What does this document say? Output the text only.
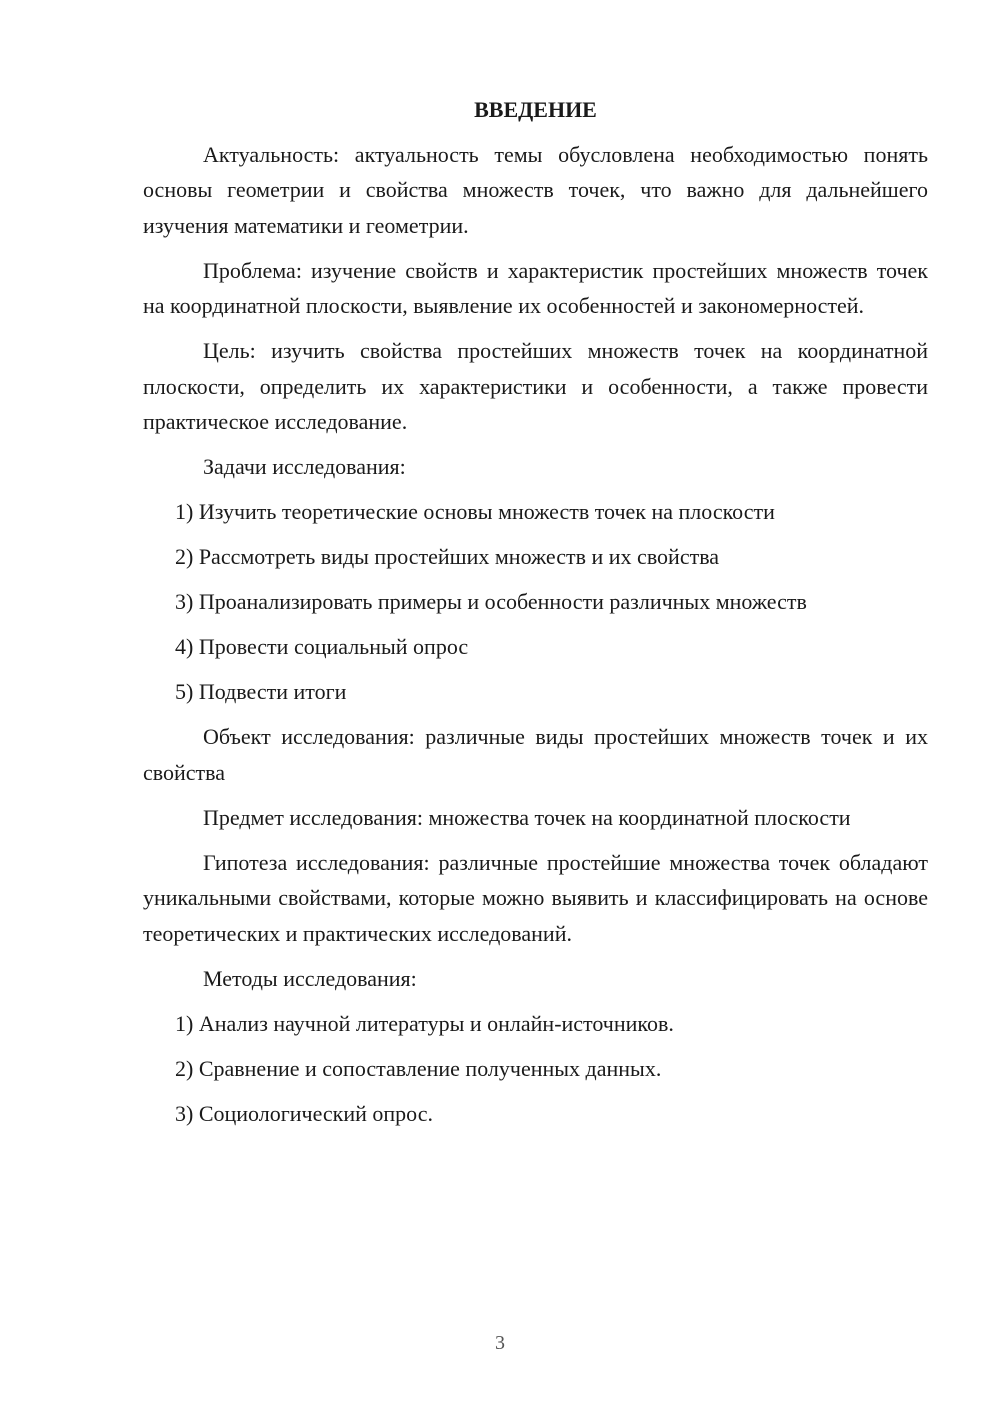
ВВЕДЕНИЕ

Актуальность: актуальность темы обусловлена необходимостью понять основы геометрии и свойства множеств точек, что важно для дальнейшего изучения математики и геометрии.

Проблема: изучение свойств и характеристик простейших множеств точек на координатной плоскости, выявление их особенностей и закономерностей.

Цель: изучить свойства простейших множеств точек на координатной плоскости, определить их характеристики и особенности, а также провести практическое исследование.

Задачи исследования:

1) Изучить теоретические основы множеств точек на плоскости
2) Рассмотреть виды простейших множеств и их свойства
3) Проанализировать примеры и особенности различных множеств
4) Провести социальный опрос
5) Подвести итоги

Объект исследования: различные виды простейших множеств точек и их свойства

Предмет исследования: множества точек на координатной плоскости

Гипотеза исследования: различные простейшие множества точек обладают уникальными свойствами, которые можно выявить и классифицировать на основе теоретических и практических исследований.

Методы исследования:

1) Анализ научной литературы и онлайн-источников.
2) Сравнение и сопоставление полученных данных.
3) Социологический опрос.
3
